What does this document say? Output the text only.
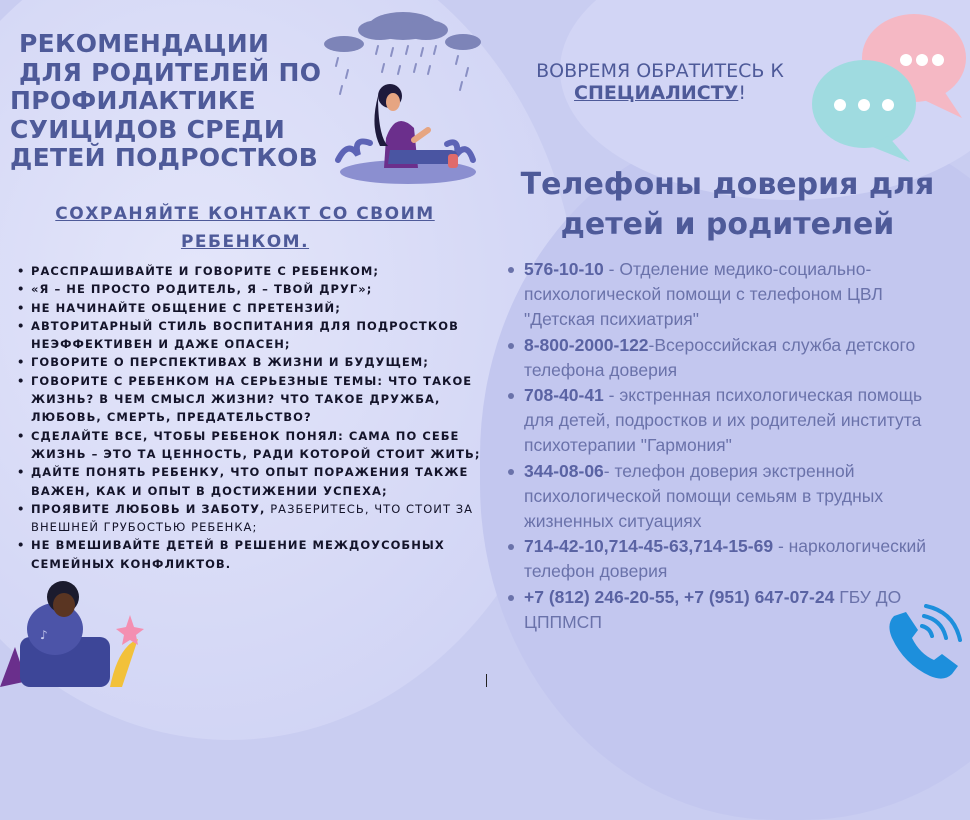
РЕКОМЕНДАЦИИ
ДЛЯ РОДИТЕЛЕЙ ПО
ПРОФИЛАКТИКЕ
СУИЦИДОВ СРЕДИ
ДЕТЕЙ ПОДРОСТКОВ
СОХРАНЯЙТЕ КОНТАКТ СО СВОИМ
РЕБЕНКОМ.
• РАССПРАШИВАЙТЕ И ГОВОРИТЕ С РЕБЕНКОМ;
• «Я – НЕ ПРОСТО РОДИТЕЛЬ, Я – ТВОЙ ДРУГ»;
• НЕ НАЧИНАЙТЕ ОБЩЕНИЕ С ПРЕТЕНЗИЙ;
• АВТОРИТАРНЫЙ СТИЛЬ ВОСПИТАНИЯ ДЛЯ ПОДРОСТКОВ НЕЭФФЕКТИВЕН И ДАЖЕ ОПАСЕН;
• ГОВОРИТЕ О ПЕРСПЕКТИВАХ В ЖИЗНИ И БУДУЩЕМ;
• ГОВОРИТЕ С РЕБЕНКОМ НА СЕРЬЕЗНЫЕ ТЕМЫ: ЧТО ТАКОЕ ЖИЗНЬ? В ЧЕМ СМЫСЛ ЖИЗНИ? ЧТО ТАКОЕ ДРУЖБА, ЛЮБОВЬ, СМЕРТЬ, ПРЕДАТЕЛЬСТВО?
• СДЕЛАЙТЕ ВСЕ, ЧТОБЫ РЕБЕНОК ПОНЯЛ: САМА ПО СЕБЕ ЖИЗНЬ – ЭТО ТА ЦЕННОСТЬ, РАДИ КОТОРОЙ СТОИТ ЖИТЬ;
• ДАЙТЕ ПОНЯТЬ РЕБЕНКУ, ЧТО ОПЫТ ПОРАЖЕНИЯ ТАКЖЕ ВАЖЕН, КАК И ОПЫТ В ДОСТИЖЕНИИ УСПЕХА;
• ПРОЯВИТЕ ЛЮБОВЬ И ЗАБОТУ, РАЗБЕРИТЕСЬ, ЧТО СТОИТ ЗА ВНЕШНЕЙ ГРУБОСТЬЮ РЕБЕНКА;
• НЕ ВМЕШИВАЙТЕ ДЕТЕЙ В РЕШЕНИЕ МЕЖДОУСОБНЫХ СЕМЕЙНЫХ КОНФЛИКТОВ.
♪
ВОВРЕМЯ ОБРАТИТЕСЬ К
СПЕЦИАЛИСТУ!
Телефоны доверия для
детей и родителей
576-10-10 - Отделение медико-социально-психологической помощи с телефоном ЦВЛ "Детская психиатрия"
8-800-2000-122-Всероссийская служба детского телефона доверия
708-40-41 - экстренная психологическая помощь для детей, подростков и их родителей института психотерапии "Гармония"
344-08-06- телефон доверия экстренной психологической помощи семьям в трудных жизненных ситуациях
714-42-10,714-45-63,714-15-69 - наркологический телефон доверия
+7 (812) 246-20-55, +7 (951) 647-07-24 ГБУ ДО ЦППМСП
